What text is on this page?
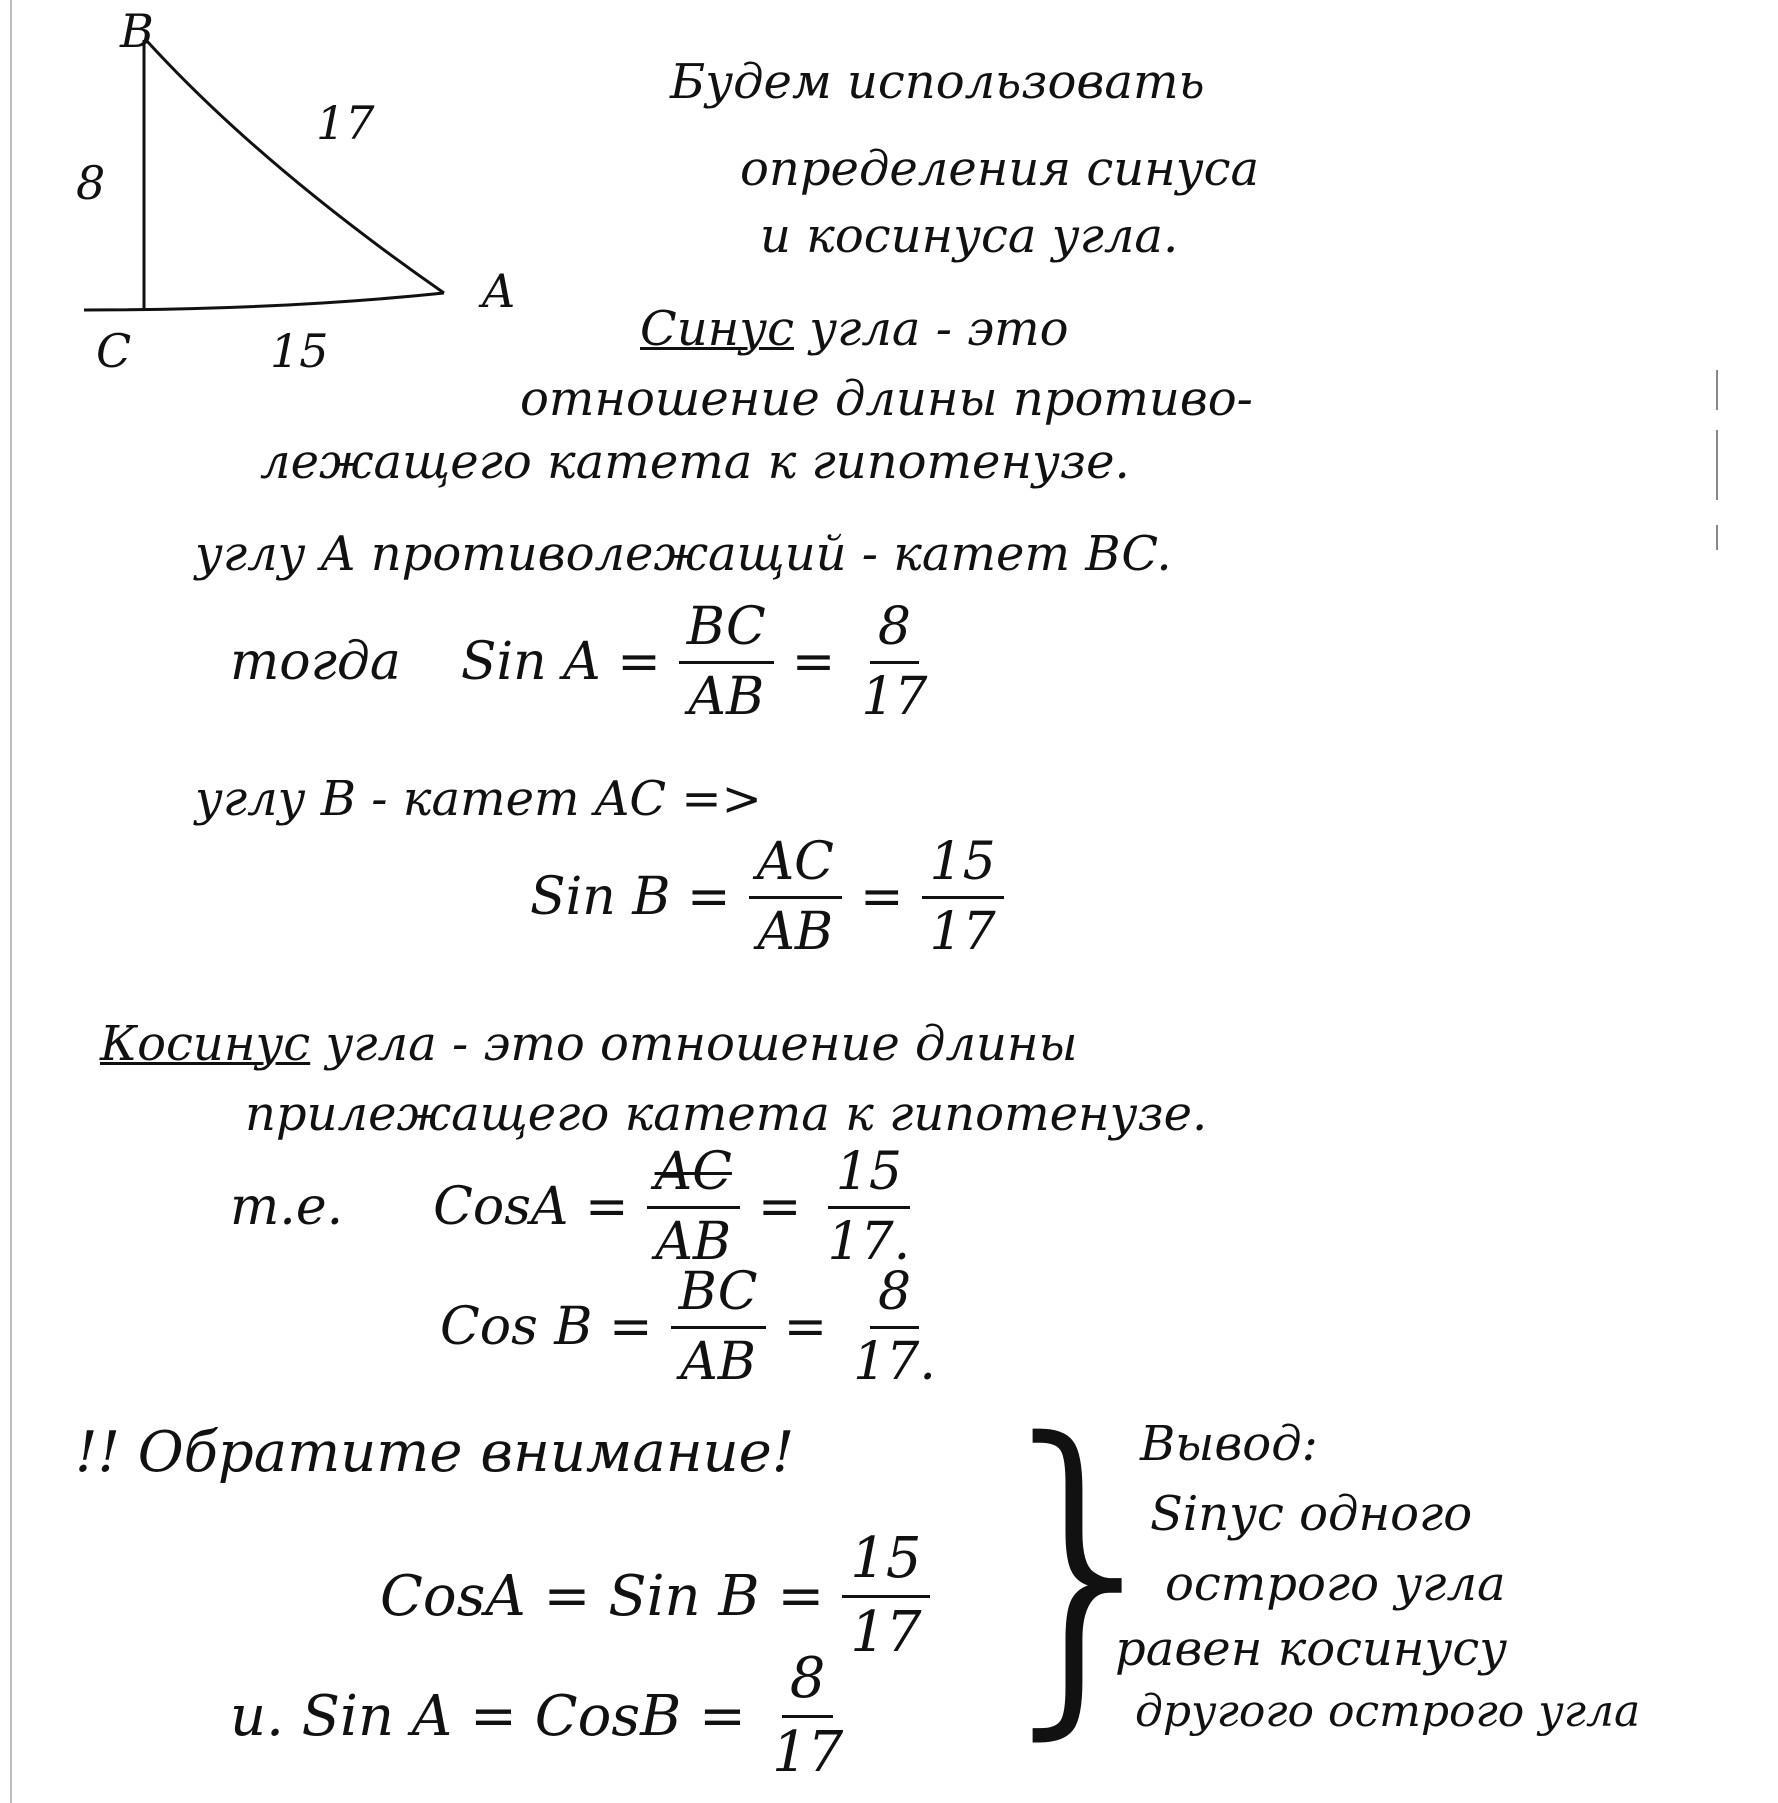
B
C
A
8
17
15
Будем использовать
определения синуса
и косинуса угла.
Синус угла - это
отношение длины противо-
лежащего катета к гипотенузе.
углу A противолежащий - катет BC.
тогда Sin $A = \frac{BC}{AB} = \frac{8}{17}$
углу B - катет AC =>
Sin $B = \frac{AC}{AB} = \frac{15}{17}$
Косинус угла - это отношение длины
прилежащего катета к гипотенузе.
т.е. CosA = $\frac{AC}{AB} = \frac{15}{17.}$
Cos $B = \frac{BC}{AB} = \frac{8}{17.}$
!! Обратите внимание!
CosA = Sin $B = \frac{15}{17}$
и. Sin A = CosB = $\frac{8}{17}$ }
Вывод:
Sinус одного
острого угла
равен косинусу
другого острого угла
